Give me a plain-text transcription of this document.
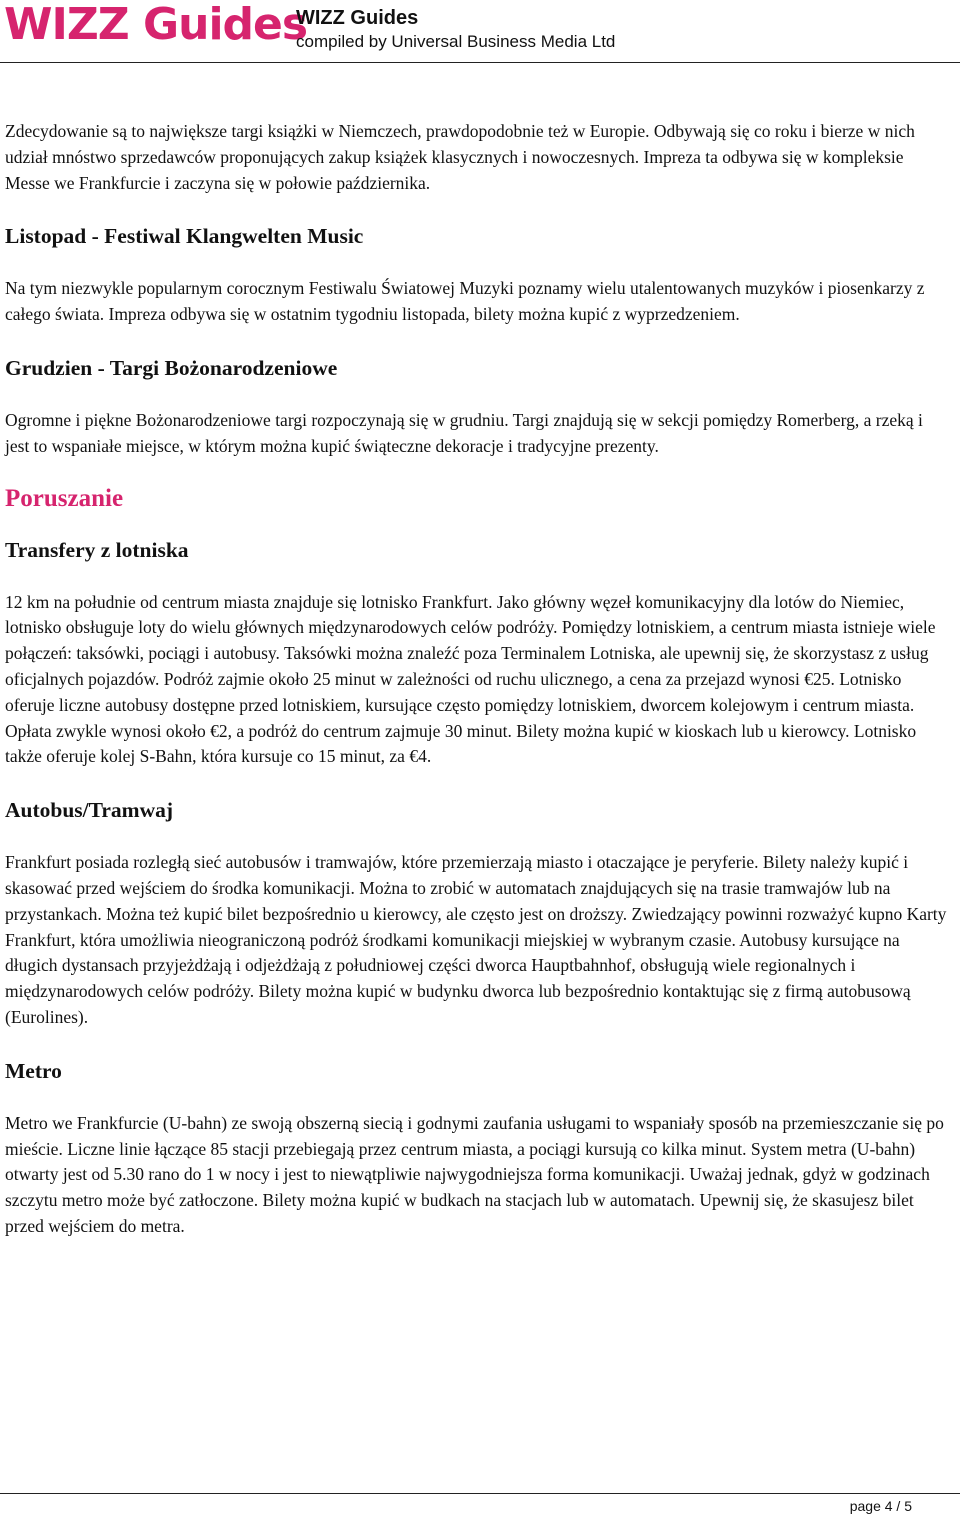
WIZZ Guides
WIZZ Guides
compiled by Universal Business Media Ltd

Zdecydowanie są to największe targi książki w Niemczech, prawdopodobnie też w Europie. Odbywają się co roku i bierze w nich udział mnóstwo sprzedawców proponujących zakup książek klasycznych i nowoczesnych. Impreza ta odbywa się w kompleksie Messe we Frankfurcie i zaczyna się w połowie października.

Listopad - Festiwal Klangwelten Music

Na tym niezwykle popularnym corocznym Festiwalu Światowej Muzyki poznamy wielu utalentowanych muzyków i piosenkarzy z całego świata. Impreza odbywa się w ostatnim tygodniu listopada, bilety można kupić z wyprzedzeniem.

Grudzien - Targi Bożonarodzeniowe

Ogromne i piękne Bożonarodzeniowe targi rozpoczynają się w grudniu. Targi znajdują się w sekcji pomiędzy Romerberg, a rzeką i jest to wspaniałe miejsce, w którym można kupić świąteczne dekoracje i tradycyjne prezenty.

Poruszanie
Transfery z lotniska

12 km na południe od centrum miasta znajduje się lotnisko Frankfurt. Jako główny węzeł komunikacyjny dla lotów do Niemiec, lotnisko obsługuje loty do wielu głównych międzynarodowych celów podróży. Pomiędzy lotniskiem, a centrum miasta istnieje wiele połączeń: taksówki, pociągi i autobusy. Taksówki można znaleźć poza Terminalem Lotniska, ale upewnij się, że skorzystasz z usług oficjalnych pojazdów. Podróż zajmie około 25 minut w zależności od ruchu ulicznego, a cena za przejazd wynosi €25. Lotnisko oferuje liczne autobusy dostępne przed lotniskiem, kursujące często pomiędzy lotniskiem, dworcem kolejowym i centrum miasta. Opłata zwykle wynosi około €2, a podróż do centrum zajmuje 30 minut. Bilety można kupić w kioskach lub u kierowcy. Lotnisko także oferuje kolej S-Bahn, która kursuje co 15 minut, za €4.

Autobus/Tramwaj

Frankfurt posiada rozległą sieć autobusów i tramwajów, które przemierzają miasto i otaczające je peryferie. Bilety należy kupić i skasować przed wejściem do środka komunikacji. Można to zrobić w automatach znajdujących się na trasie tramwajów lub na przystankach. Można też kupić bilet bezpośrednio u kierowcy, ale często jest on droższy. Zwiedzający powinni rozważyć kupno Karty Frankfurt, która umożliwia nieograniczoną podróż środkami komunikacji miejskiej w wybranym czasie. Autobusy kursujące na długich dystansach przyjeżdżają i odjeżdżają z południowej części dworca Hauptbahnhof, obsługują wiele regionalnych i międzynarodowych celów podróży. Bilety można kupić w budynku dworca lub bezpośrednio kontaktując się z firmą autobusową (Eurolines).

Metro

Metro we Frankfurcie (U-bahn) ze swoją obszerną siecią i godnymi zaufania usługami to wspaniały sposób na przemieszczanie się po mieście. Liczne linie łączące 85 stacji przebiegają przez centrum miasta, a pociągi kursują co kilka minut. System metra (U-bahn) otwarty jest od 5.30 rano do 1 w nocy i jest to niewątpliwie najwygodniejsza forma komunikacji. Uważaj jednak, gdyż w godzinach szczytu metro może być zatłoczone. Bilety można kupić w budkach na stacjach lub w automatach. Upewnij się, że skasujesz bilet przed wejściem do metra.

page 4 / 5
